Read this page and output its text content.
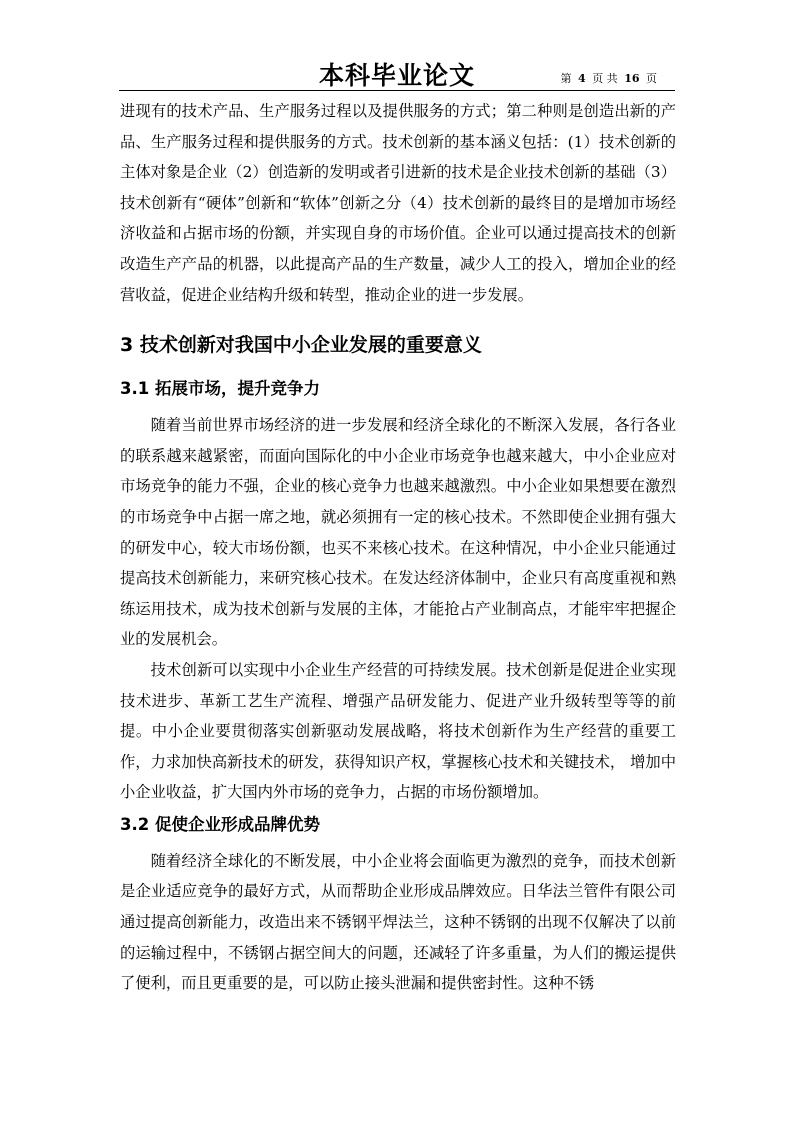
本科毕业论文	第 4 页 共 16 页

进现有的技术产品、生产服务过程以及提供服务的方式；第二种则是创造出新的产品、生产服务过程和提供服务的方式。技术创新的基本涵义包括：(1）技术创新的主体对象是企业（2）创造新的发明或者引进新的技术是企业技术创新的基础（3）技术创新有“硬体”创新和“软体”创新之分（4）技术创新的最终目的是增加市场经济收益和占据市场的份额，并实现自身的市场价值。企业可以通过提高技术的创新改造生产产品的机器，以此提高产品的生产数量，减少人工的投入，增加企业的经营收益，促进企业结构升级和转型，推动企业的进一步发展。

3 技术创新对我国中小企业发展的重要意义
3.1 拓展市场，提升竞争力

随着当前世界市场经济的进一步发展和经济全球化的不断深入发展，各行各业的联系越来越紧密，而面向国际化的中小企业市场竞争也越来越大，中小企业应对市场竞争的能力不强，企业的核心竞争力也越来越激烈。中小企业如果想要在激烈的市场竞争中占据一席之地，就必须拥有一定的核心技术。不然即使企业拥有强大的研发中心，较大市场份额，也买不来核心技术。在这种情况，中小企业只能通过提高技术创新能力，来研究核心技术。在发达经济体制中，企业只有高度重视和熟练运用技术，成为技术创新与发展的主体，才能抢占产业制高点，才能牢牢把握企业的发展机会。

技术创新可以实现中小企业生产经营的可持续发展。技术创新是促进企业实现技术进步、革新工艺生产流程、增强产品研发能力、促进产业升级转型等等的前提。中小企业要贯彻落实创新驱动发展战略，将技术创新作为生产经营的重要工作，力求加快高新技术的研发，获得知识产权，掌握核心技术和关键技术， 增加中小企业收益，扩大国内外市场的竞争力，占据的市场份额增加。

3.2 促使企业形成品牌优势

随着经济全球化的不断发展，中小企业将会面临更为激烈的竞争，而技术创新是企业适应竞争的最好方式，从而帮助企业形成品牌效应。日华法兰管件有限公司通过提高创新能力，改造出来不锈钢平焊法兰，这种不锈钢的出现不仅解决了以前的运输过程中，不锈钢占据空间大的问题，还减轻了许多重量，为人们的搬运提供了便利，而且更重要的是，可以防止接头泄漏和提供密封性。这种不锈
